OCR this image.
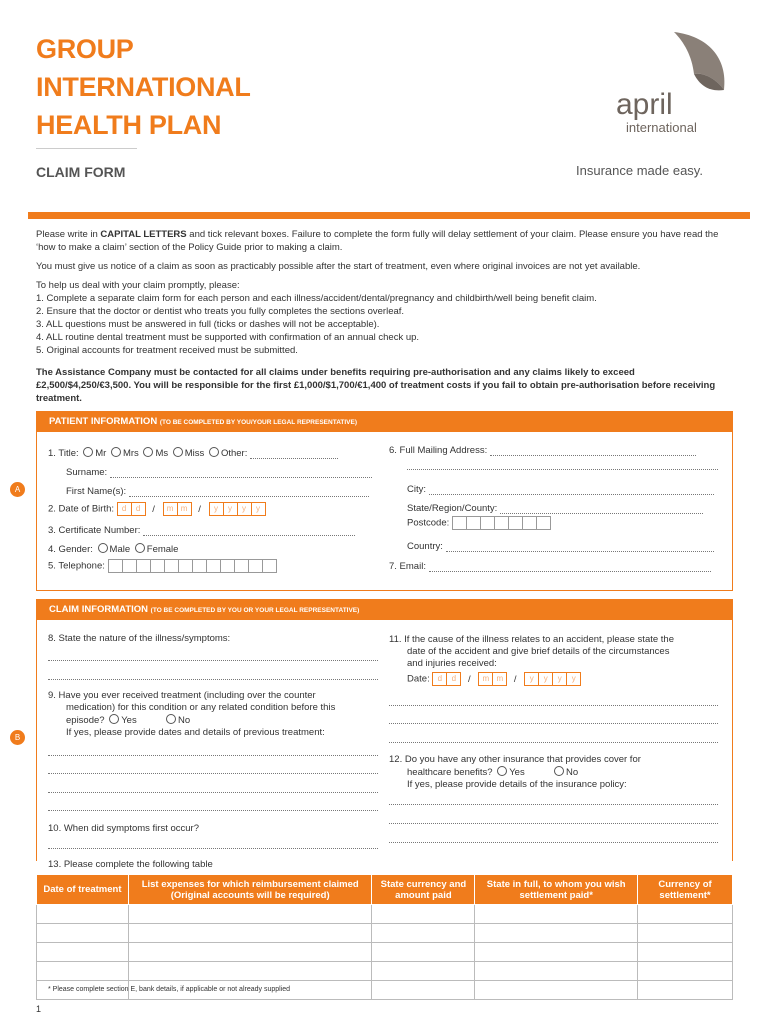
GROUP
INTERNATIONAL
HEALTH PLAN
CLAIM FORM
april
international
Insurance made easy.
Please write in CAPITAL LETTERS and tick relevant boxes. Failure to complete the form fully will delay settlement of your claim. Please ensure you have read the ‘how to make a claim’ section of the Policy Guide prior to making a claim.
You must give us notice of a claim as soon as practicably possible after the start of treatment, even where original invoices are not yet available.
To help us deal with your claim promptly, please:
1. Complete a separate claim form for each person and each illness/accident/dental/pregnancy and childbirth/well being benefit claim.
2. Ensure that the doctor or dentist who treats you fully completes the sections overleaf.
3. ALL questions must be answered in full (ticks or dashes will not be acceptable).
4. ALL routine dental treatment must be supported with confirmation of an annual check up.
5. Original accounts for treatment received must be submitted.
The Assistance Company must be contacted for all claims under benefits requiring pre-authorisation and any claims likely to exceed £2,500/$4,250/€3,500. You will be responsible for the first £1,000/$1,700/€1,400 of treatment costs if you fail to obtain pre-authorisation before receiving treatment.
PATIENT INFORMATION (TO BE COMPLETED BY YOU/YOUR LEGAL REPRESENTATIVE)
A
1. Title: Mr Mrs Ms Miss Other:
Surname:
First Name(s):
2. Date of Birth: d d / m m / y y y y
3. Certificate Number:
4. Gender: Male Female
5. Telephone:
6. Full Mailing Address:
City:
State/Region/County:
Postcode:
Country:
7. Email:
CLAIM INFORMATION (TO BE COMPLETED BY YOU OR YOUR LEGAL REPRESENTATIVE)
B
8. State the nature of the illness/symptoms:
9. Have you ever received treatment (including over the counter
medication) for this condition or any related condition before this
episode? Yes	No
If yes, please provide dates and details of previous treatment:
10. When did symptoms first occur?
11. If the cause of the illness relates to an accident, please state the
date of the accident and give brief details of the circumstances
and injuries received:
Date: d d / m m / y y y y
12. Do you have any other insurance that provides cover for
healthcare benefits? Yes	No
If yes, please provide details of the insurance policy:
13. Please complete the following table
Date of treatment	List expenses for which reimbursement claimed (Original accounts will be required)	State currency and amount paid	State in full, to whom you wish settlement paid*	Currency of settlement*

* Please complete section E, bank details, if applicable or not already supplied
1
